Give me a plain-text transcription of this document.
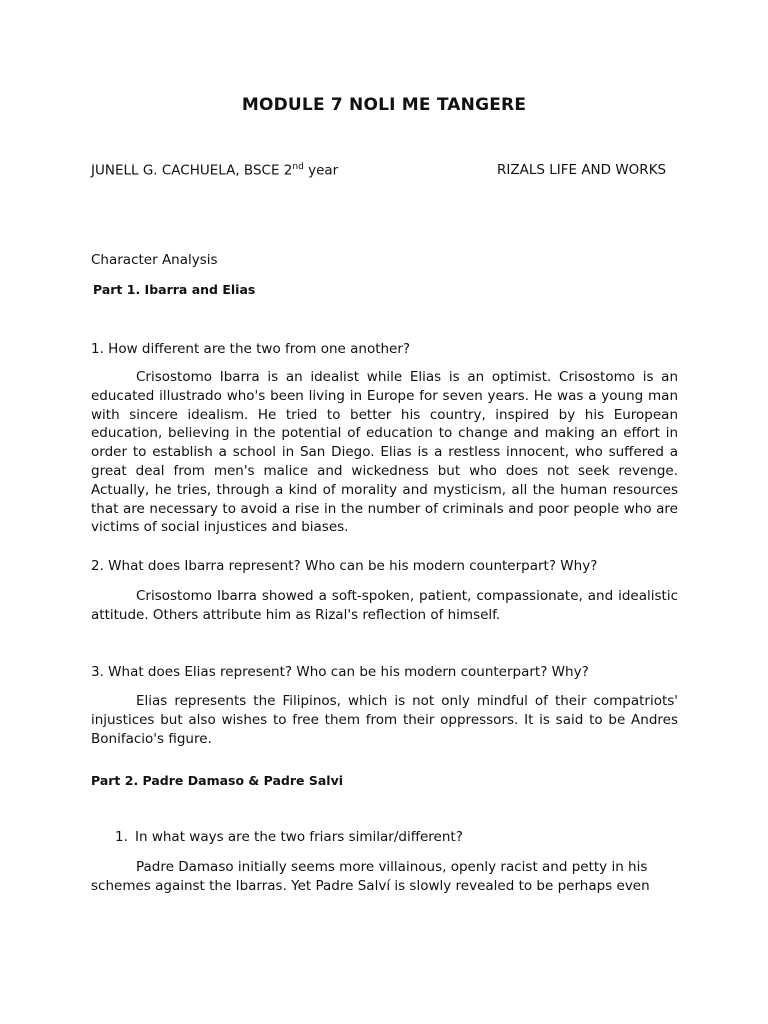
MODULE 7 NOLI ME TANGERE
JUNELL G. CACHUELA, BSCE 2nd year	RIZALS LIFE AND WORKS
Character Analysis
Part 1. Ibarra and Elias
1. How different are the two from one another?
Crisostomo Ibarra is an idealist while Elias is an optimist. Crisostomo is an educated illustrado who's been living in Europe for seven years. He was a young man with sincere idealism. He tried to better his country, inspired by his European education, believing in the potential of education to change and making an effort in order to establish a school in San Diego. Elias is a restless innocent, who suffered a great deal from men's malice and wickedness but who does not seek revenge. Actually, he tries, through a kind of morality and mysticism, all the human resources that are necessary to avoid a rise in the number of criminals and poor people who are victims of social injustices and biases.
2. What does Ibarra represent? Who can be his modern counterpart? Why?
Crisostomo Ibarra showed a soft-spoken, patient, compassionate, and idealistic attitude. Others attribute him as Rizal's reflection of himself.
3. What does Elias represent? Who can be his modern counterpart? Why?
Elias represents the Filipinos, which is not only mindful of their compatriots' injustices but also wishes to free them from their oppressors. It is said to be Andres Bonifacio's figure.
Part 2. Padre Damaso & Padre Salvi
1. In what ways are the two friars similar/different?
Padre Damaso initially seems more villainous, openly racist and petty in his schemes against the Ibarras. Yet Padre Salví is slowly revealed to be perhaps even
